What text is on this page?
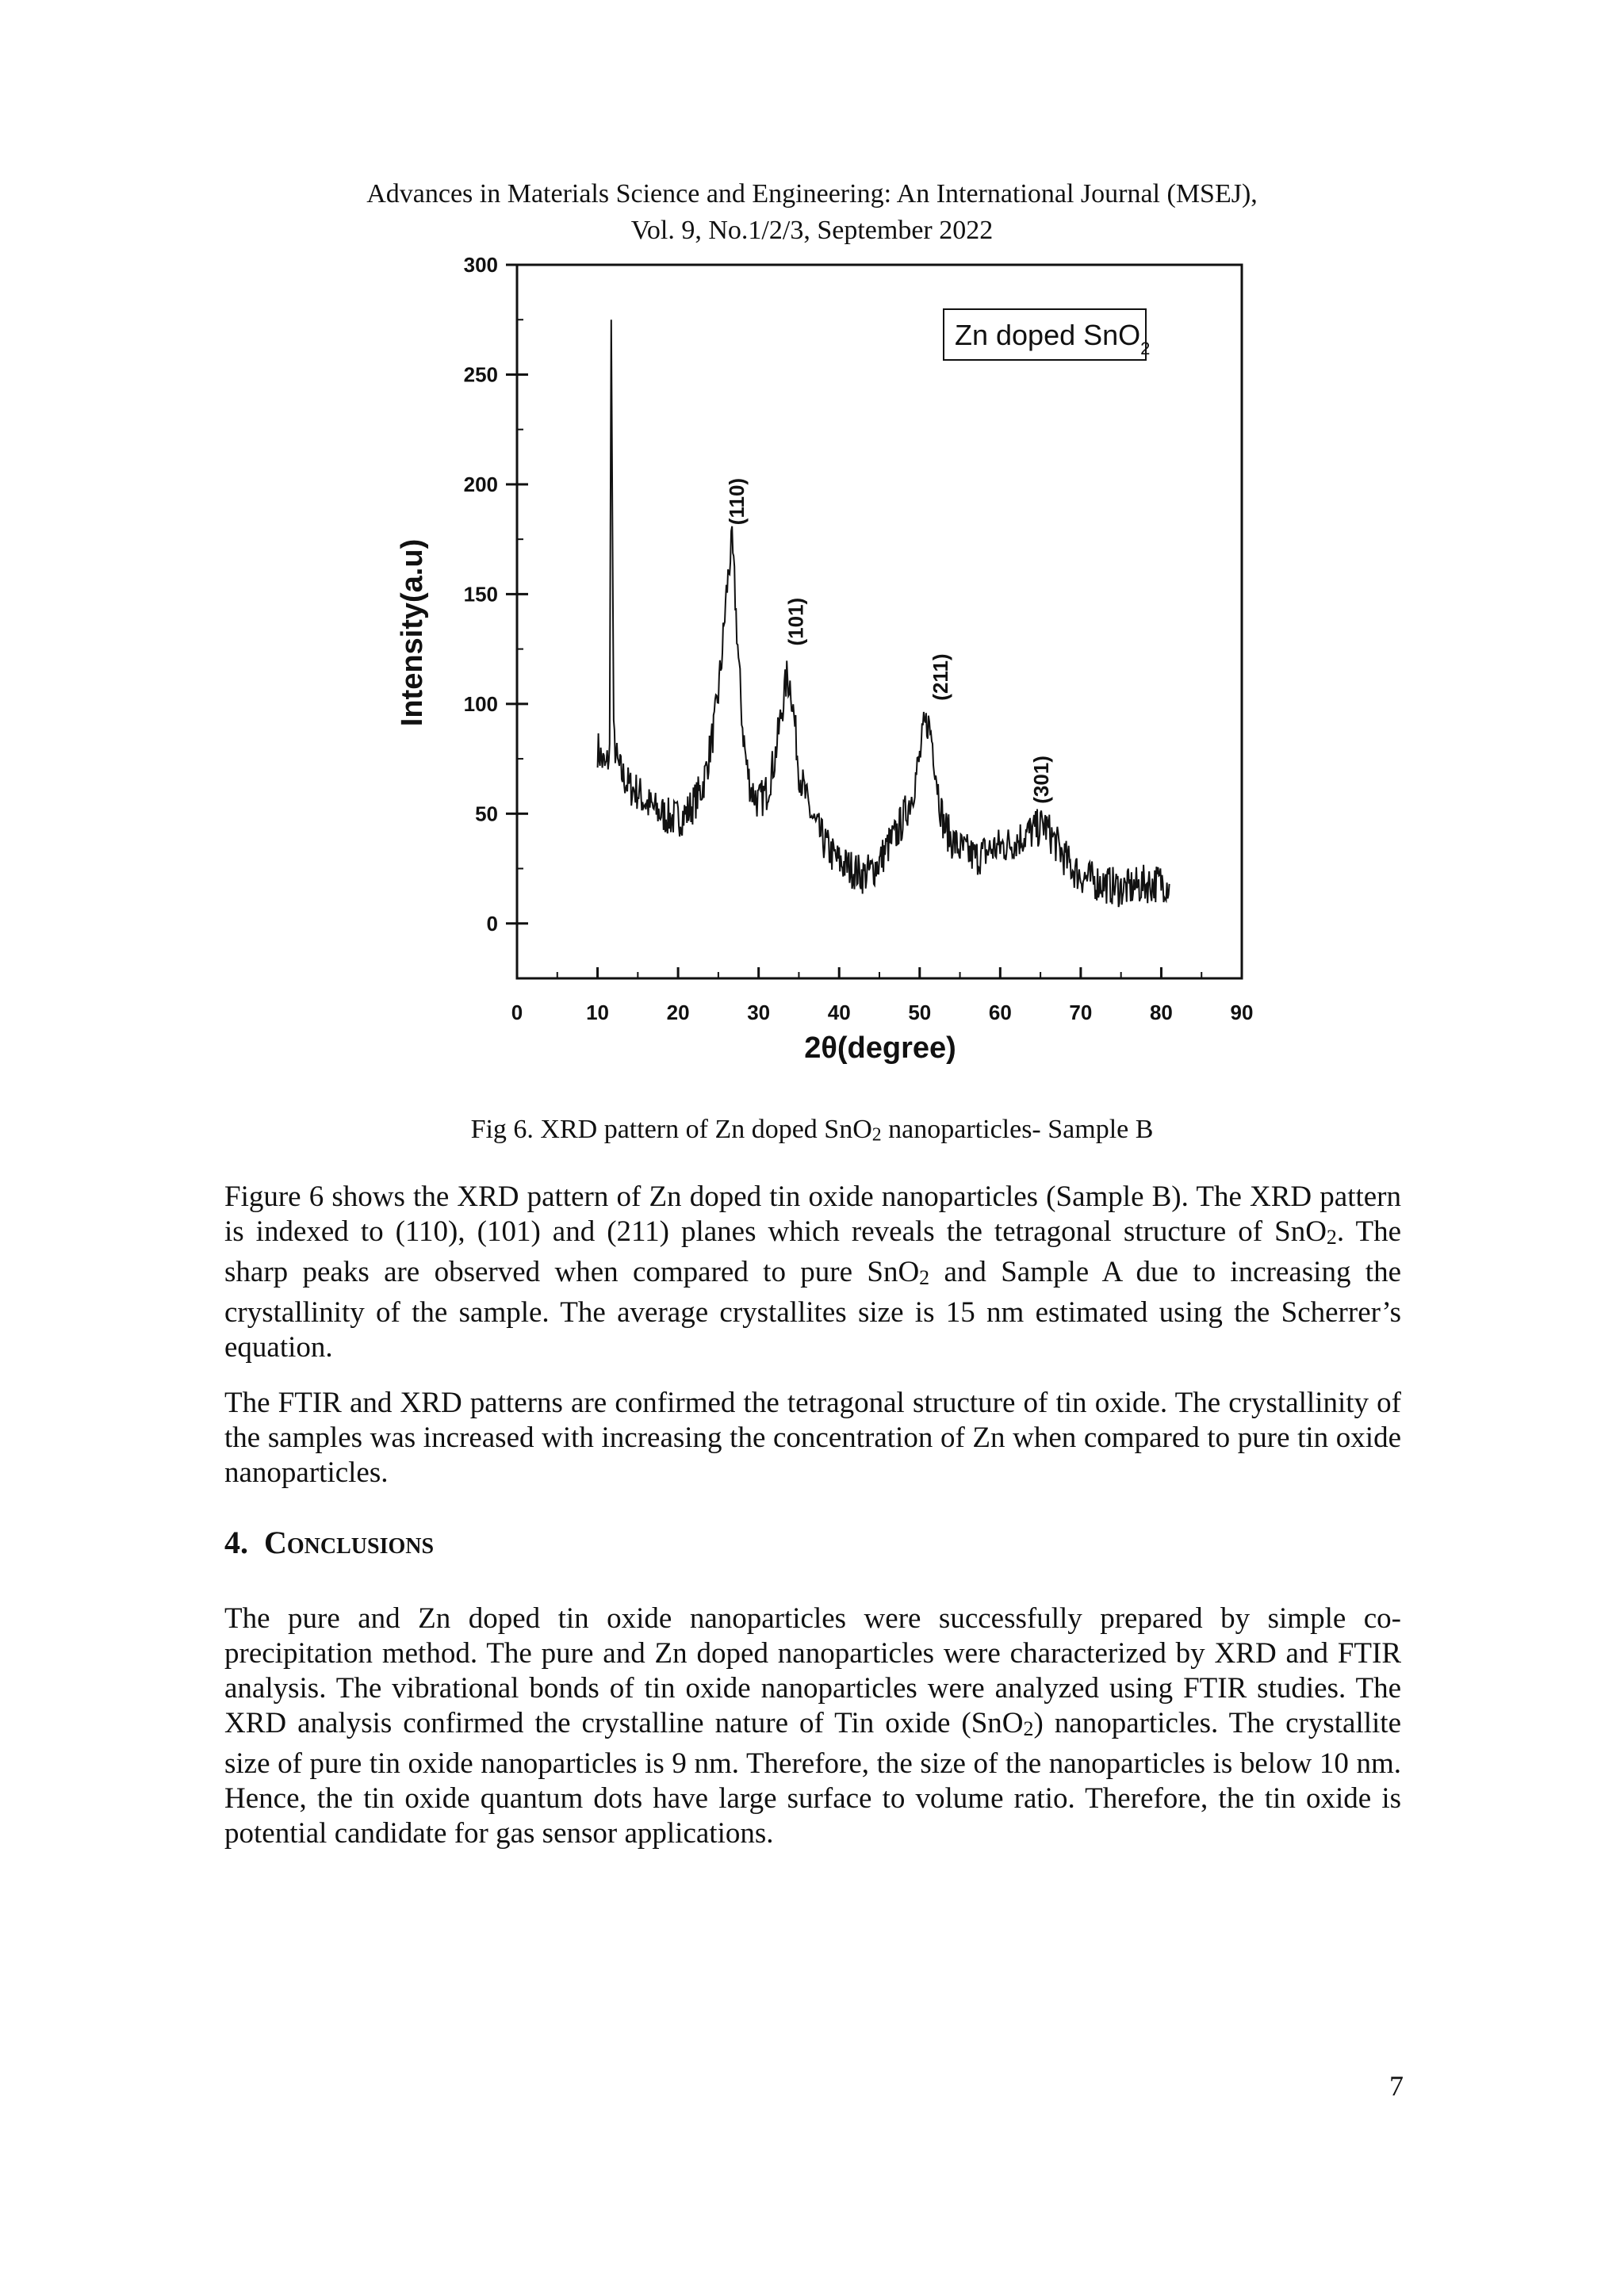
Advances in Materials Science and Engineering: An International Journal (MSEJ),
Vol. 9, No.1/2/3, September 2022
0	10	20	30	40	50	60	70	80	90
0
50
100
150
200
250
300
(110)
(101)
(211)
(301)
Zn doped SnO$_2$
Intensity(a.u)
2θ(degree)
Fig 6. XRD pattern of Zn doped SnO2 nanoparticles- Sample B

Figure 6 shows the XRD pattern of Zn doped tin oxide nanoparticles (Sample B). The XRD pattern is indexed to (110), (101) and (211) planes which reveals the tetragonal structure of SnO2. The sharp peaks are observed when compared to pure SnO2 and Sample A due to increasing the crystallinity of the sample. The average crystallites size is 15 nm estimated using the Scherrer’s equation.

The FTIR and XRD patterns are confirmed the tetragonal structure of tin oxide. The crystallinity of the samples was increased with increasing the concentration of Zn when compared to pure tin oxide nanoparticles.

4. Conclusions

The pure and Zn doped tin oxide nanoparticles were successfully prepared by simple co-precipitation method. The pure and Zn doped nanoparticles were characterized by XRD and FTIR analysis. The vibrational bonds of tin oxide nanoparticles were analyzed using FTIR studies. The XRD analysis confirmed the crystalline nature of Tin oxide (SnO2) nanoparticles. The crystallite size of pure tin oxide nanoparticles is 9 nm. Therefore, the size of the nanoparticles is below 10 nm. Hence, the tin oxide quantum dots have large surface to volume ratio. Therefore, the tin oxide is potential candidate for gas sensor applications.

7
